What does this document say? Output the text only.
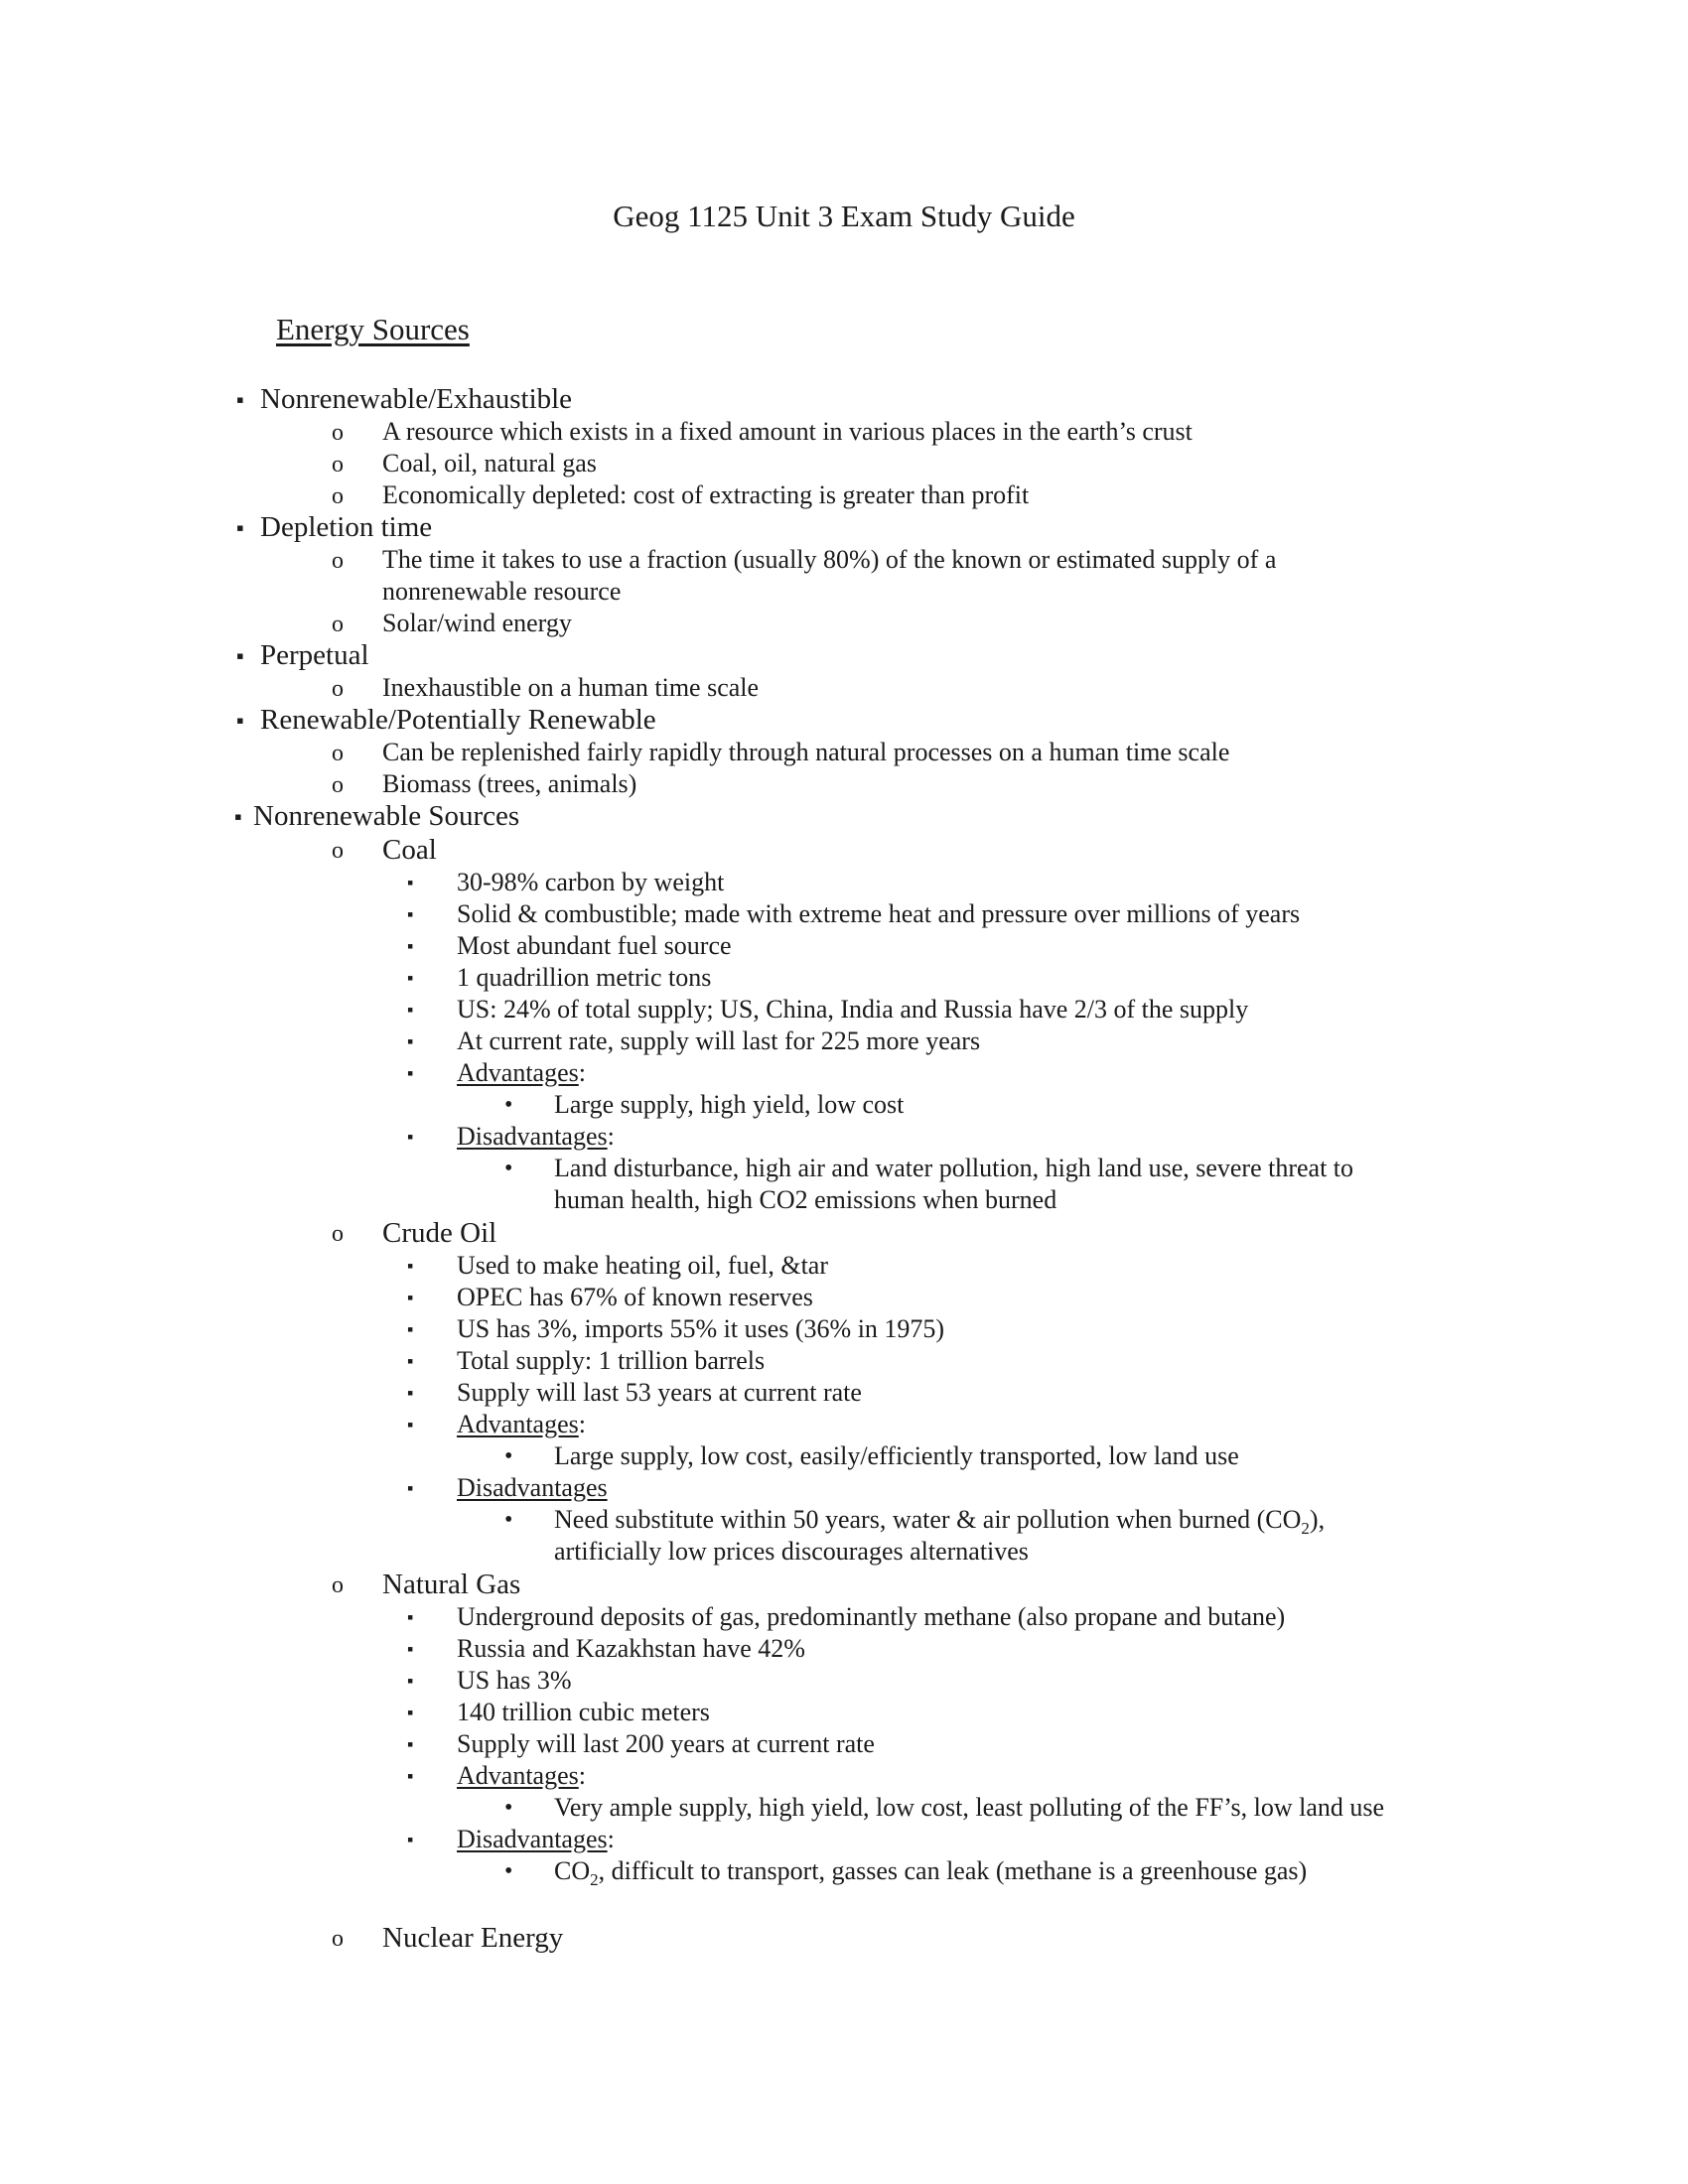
Geog 1125 Unit 3 Exam Study Guide
Energy Sources
▪ Nonrenewable/Exhaustible
o A resource which exists in a fixed amount in various places in the earth’s crust
o Coal, oil, natural gas
o Economically depleted: cost of extracting is greater than profit
▪ Depletion time
o The time it takes to use a fraction (usually 80%) of the known or estimated supply of a nonrenewable resource
o Solar/wind energy
▪ Perpetual
o Inexhaustible on a human time scale
▪ Renewable/Potentially Renewable
o Can be replenished fairly rapidly through natural processes on a human time scale
o Biomass (trees, animals)
▪ Nonrenewable Sources
o Coal
▪ 30-98% carbon by weight
▪ Solid & combustible; made with extreme heat and pressure over millions of years
▪ Most abundant fuel source
▪ 1 quadrillion metric tons
▪ US: 24% of total supply; US, China, India and Russia have 2/3 of the supply
▪ At current rate, supply will last for 225 more years
▪ Advantages:
• Large supply, high yield, low cost
▪ Disadvantages:
• Land disturbance, high air and water pollution, high land use, severe threat to human health, high CO2 emissions when burned
o Crude Oil
▪ Used to make heating oil, fuel, &tar
▪ OPEC has 67% of known reserves
▪ US has 3%, imports 55% it uses (36% in 1975)
▪ Total supply: 1 trillion barrels
▪ Supply will last 53 years at current rate
▪ Advantages:
• Large supply, low cost, easily/efficiently transported, low land use
▪ Disadvantages
• Need substitute within 50 years, water & air pollution when burned $(CO_2)$, artificially low prices discourages alternatives
o Natural Gas
▪ Underground deposits of gas, predominantly methane (also propane and butane)
▪ Russia and Kazakhstan have 42%
▪ US has 3%
▪ 140 trillion cubic meters
▪ Supply will last 200 years at current rate
▪ Advantages:
• Very ample supply, high yield, low cost, least polluting of the FF’s, low land use
▪ Disadvantages:
• $CO_2$, difficult to transport, gasses can leak (methane is a greenhouse gas)
o Nuclear Energy
